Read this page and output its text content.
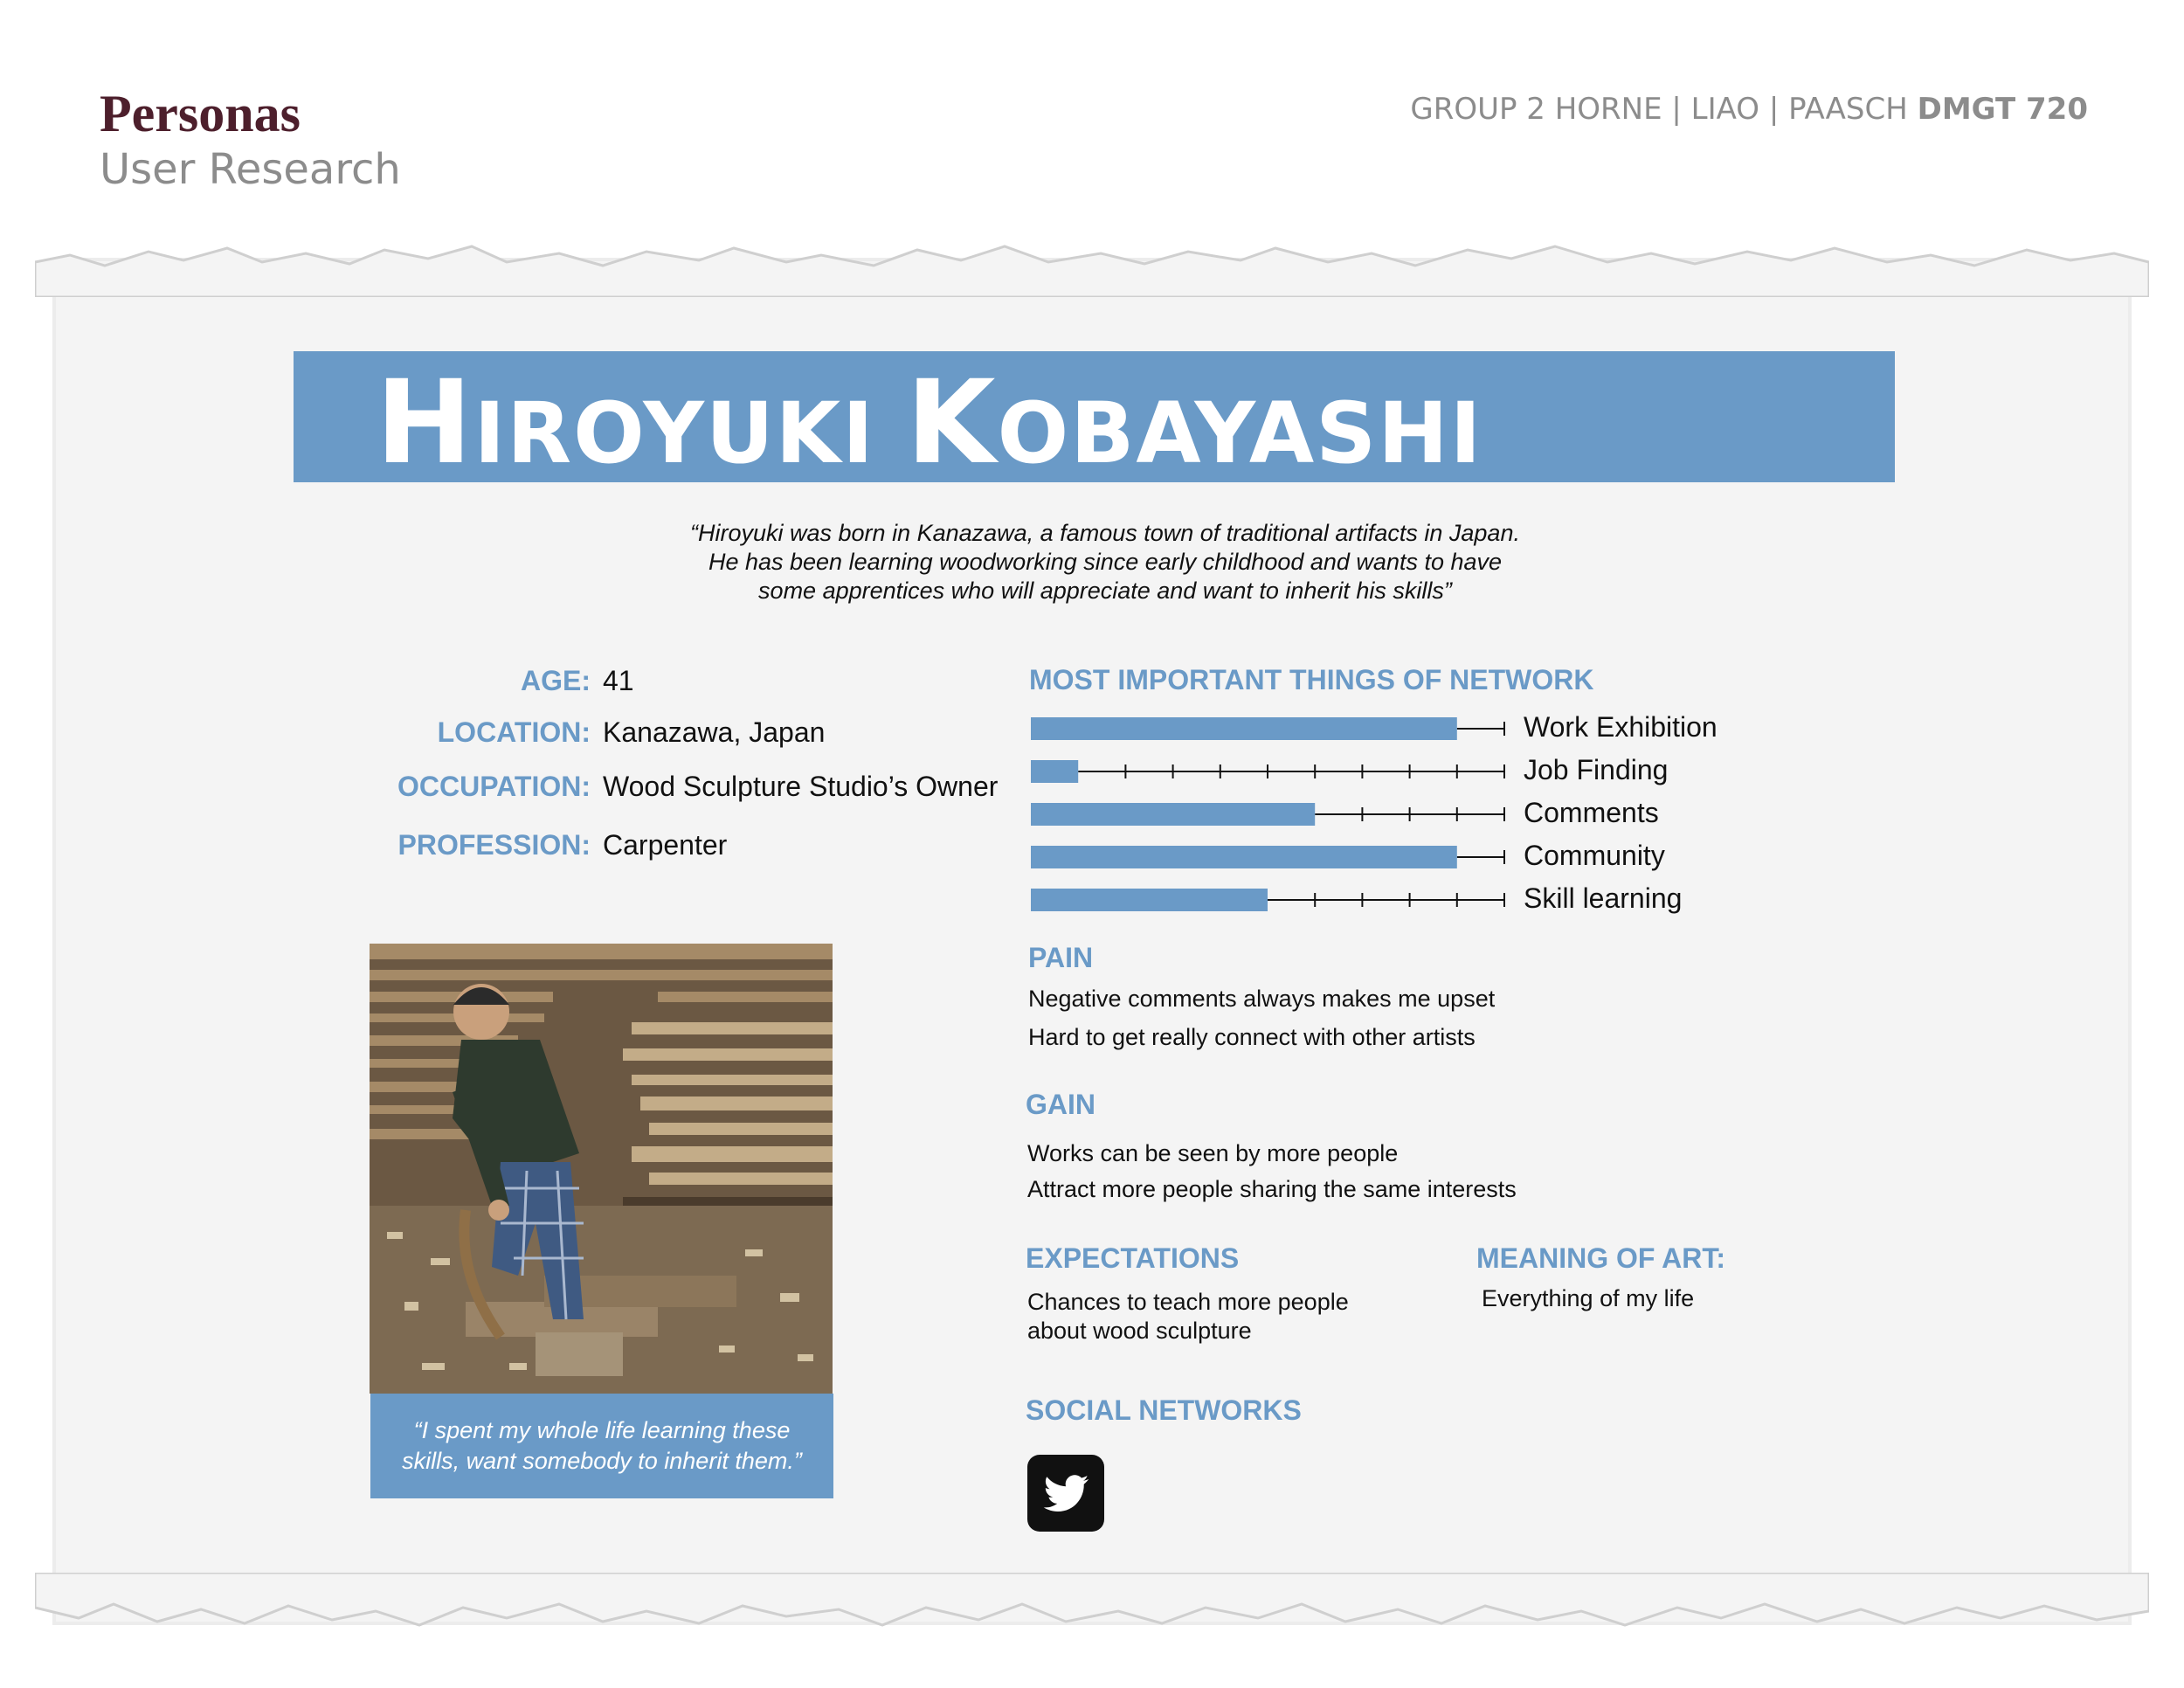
Personas
User Research
GROUP 2 HORNE | LIAO | PAASCH DMGT 720
HIROYUKI KOBAYASHI
“Hiroyuki was born in Kanazawa, a famous town of traditional artifacts in Japan.
He has been learning woodworking since early childhood and wants to have
some apprentices who will appreciate and want to inherit his skills”
AGE: 41
LOCATION: Kanazawa, Japan
OCCUPATION: Wood Sculpture Studio’s Owner
PROFESSION: Carpenter
“I spent my whole life learning these
skills, want somebody to inherit them.”
MOST IMPORTANT THINGS OF NETWORK
Work Exhibition
Job Finding
Comments
Community
Skill learning
PAIN
Negative comments always makes me upset
Hard to get really connect with other artists
GAIN
Works can be seen by more people
Attract more people sharing the same interests
EXPECTATIONS
Chances to teach more people
about wood sculpture
MEANING OF ART:
Everything of my life
SOCIAL NETWORKS
